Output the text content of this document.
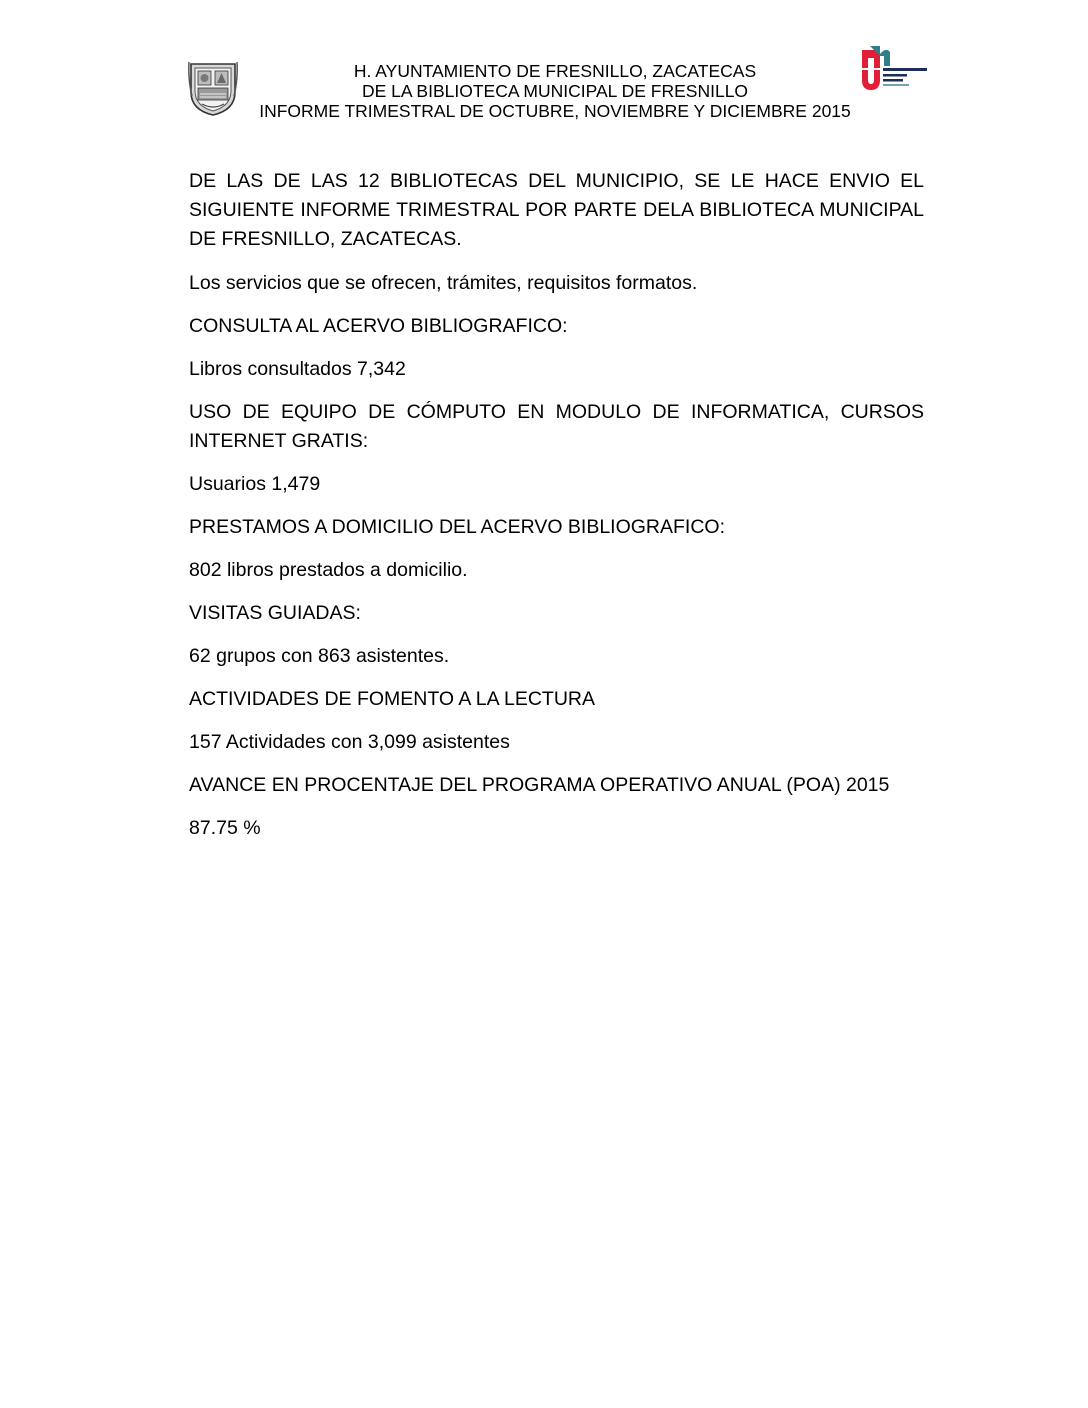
H. AYUNTAMIENTO DE FRESNILLO, ZACATECAS
DE LA BIBLIOTECA MUNICIPAL DE FRESNILLO
INFORME TRIMESTRAL DE OCTUBRE, NOVIEMBRE Y DICIEMBRE 2015

DE LAS DE LAS 12 BIBLIOTECAS DEL MUNICIPIO, SE LE HACE ENVIO EL SIGUIENTE INFORME TRIMESTRAL POR PARTE DELA BIBLIOTECA MUNICIPAL DE FRESNILLO, ZACATECAS.

Los servicios que se ofrecen, trámites, requisitos formatos.

CONSULTA AL ACERVO BIBLIOGRAFICO:

Libros consultados 7,342

USO DE EQUIPO DE CÓMPUTO EN MODULO DE INFORMATICA, CURSOS INTERNET GRATIS:

Usuarios 1,479

PRESTAMOS A DOMICILIO DEL ACERVO BIBLIOGRAFICO:

802 libros prestados a domicilio.

VISITAS GUIADAS:

62 grupos con 863 asistentes.

ACTIVIDADES DE FOMENTO A LA LECTURA

157 Actividades con 3,099 asistentes

AVANCE EN PROCENTAJE DEL PROGRAMA OPERATIVO ANUAL (POA) 2015

87.75 %
